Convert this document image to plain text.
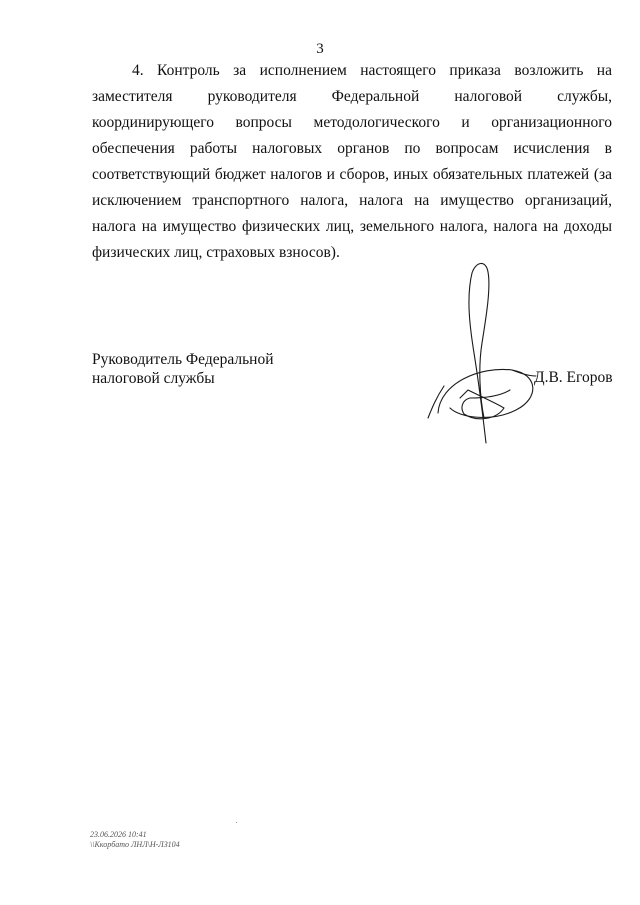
3

4. Контроль за исполнением настоящего приказа возложить на заместителя руководителя Федеральной налоговой службы, координирующего вопросы методологического и организационного обеспечения работы налоговых органов по вопросам исчисления в соответствующий бюджет налогов и сборов, иных обязательных платежей (за исключением транспортного налога, налога на имущество организаций, налога на имущество физических лиц, земельного налога, налога на доходы физических лиц, страховых взносов).

Руководитель Федеральной
налоговой службы	Д.В. Егоров
23.06.2026 10:41
\\Ккорбато ЛНЛ\Н-ЛЗ104
